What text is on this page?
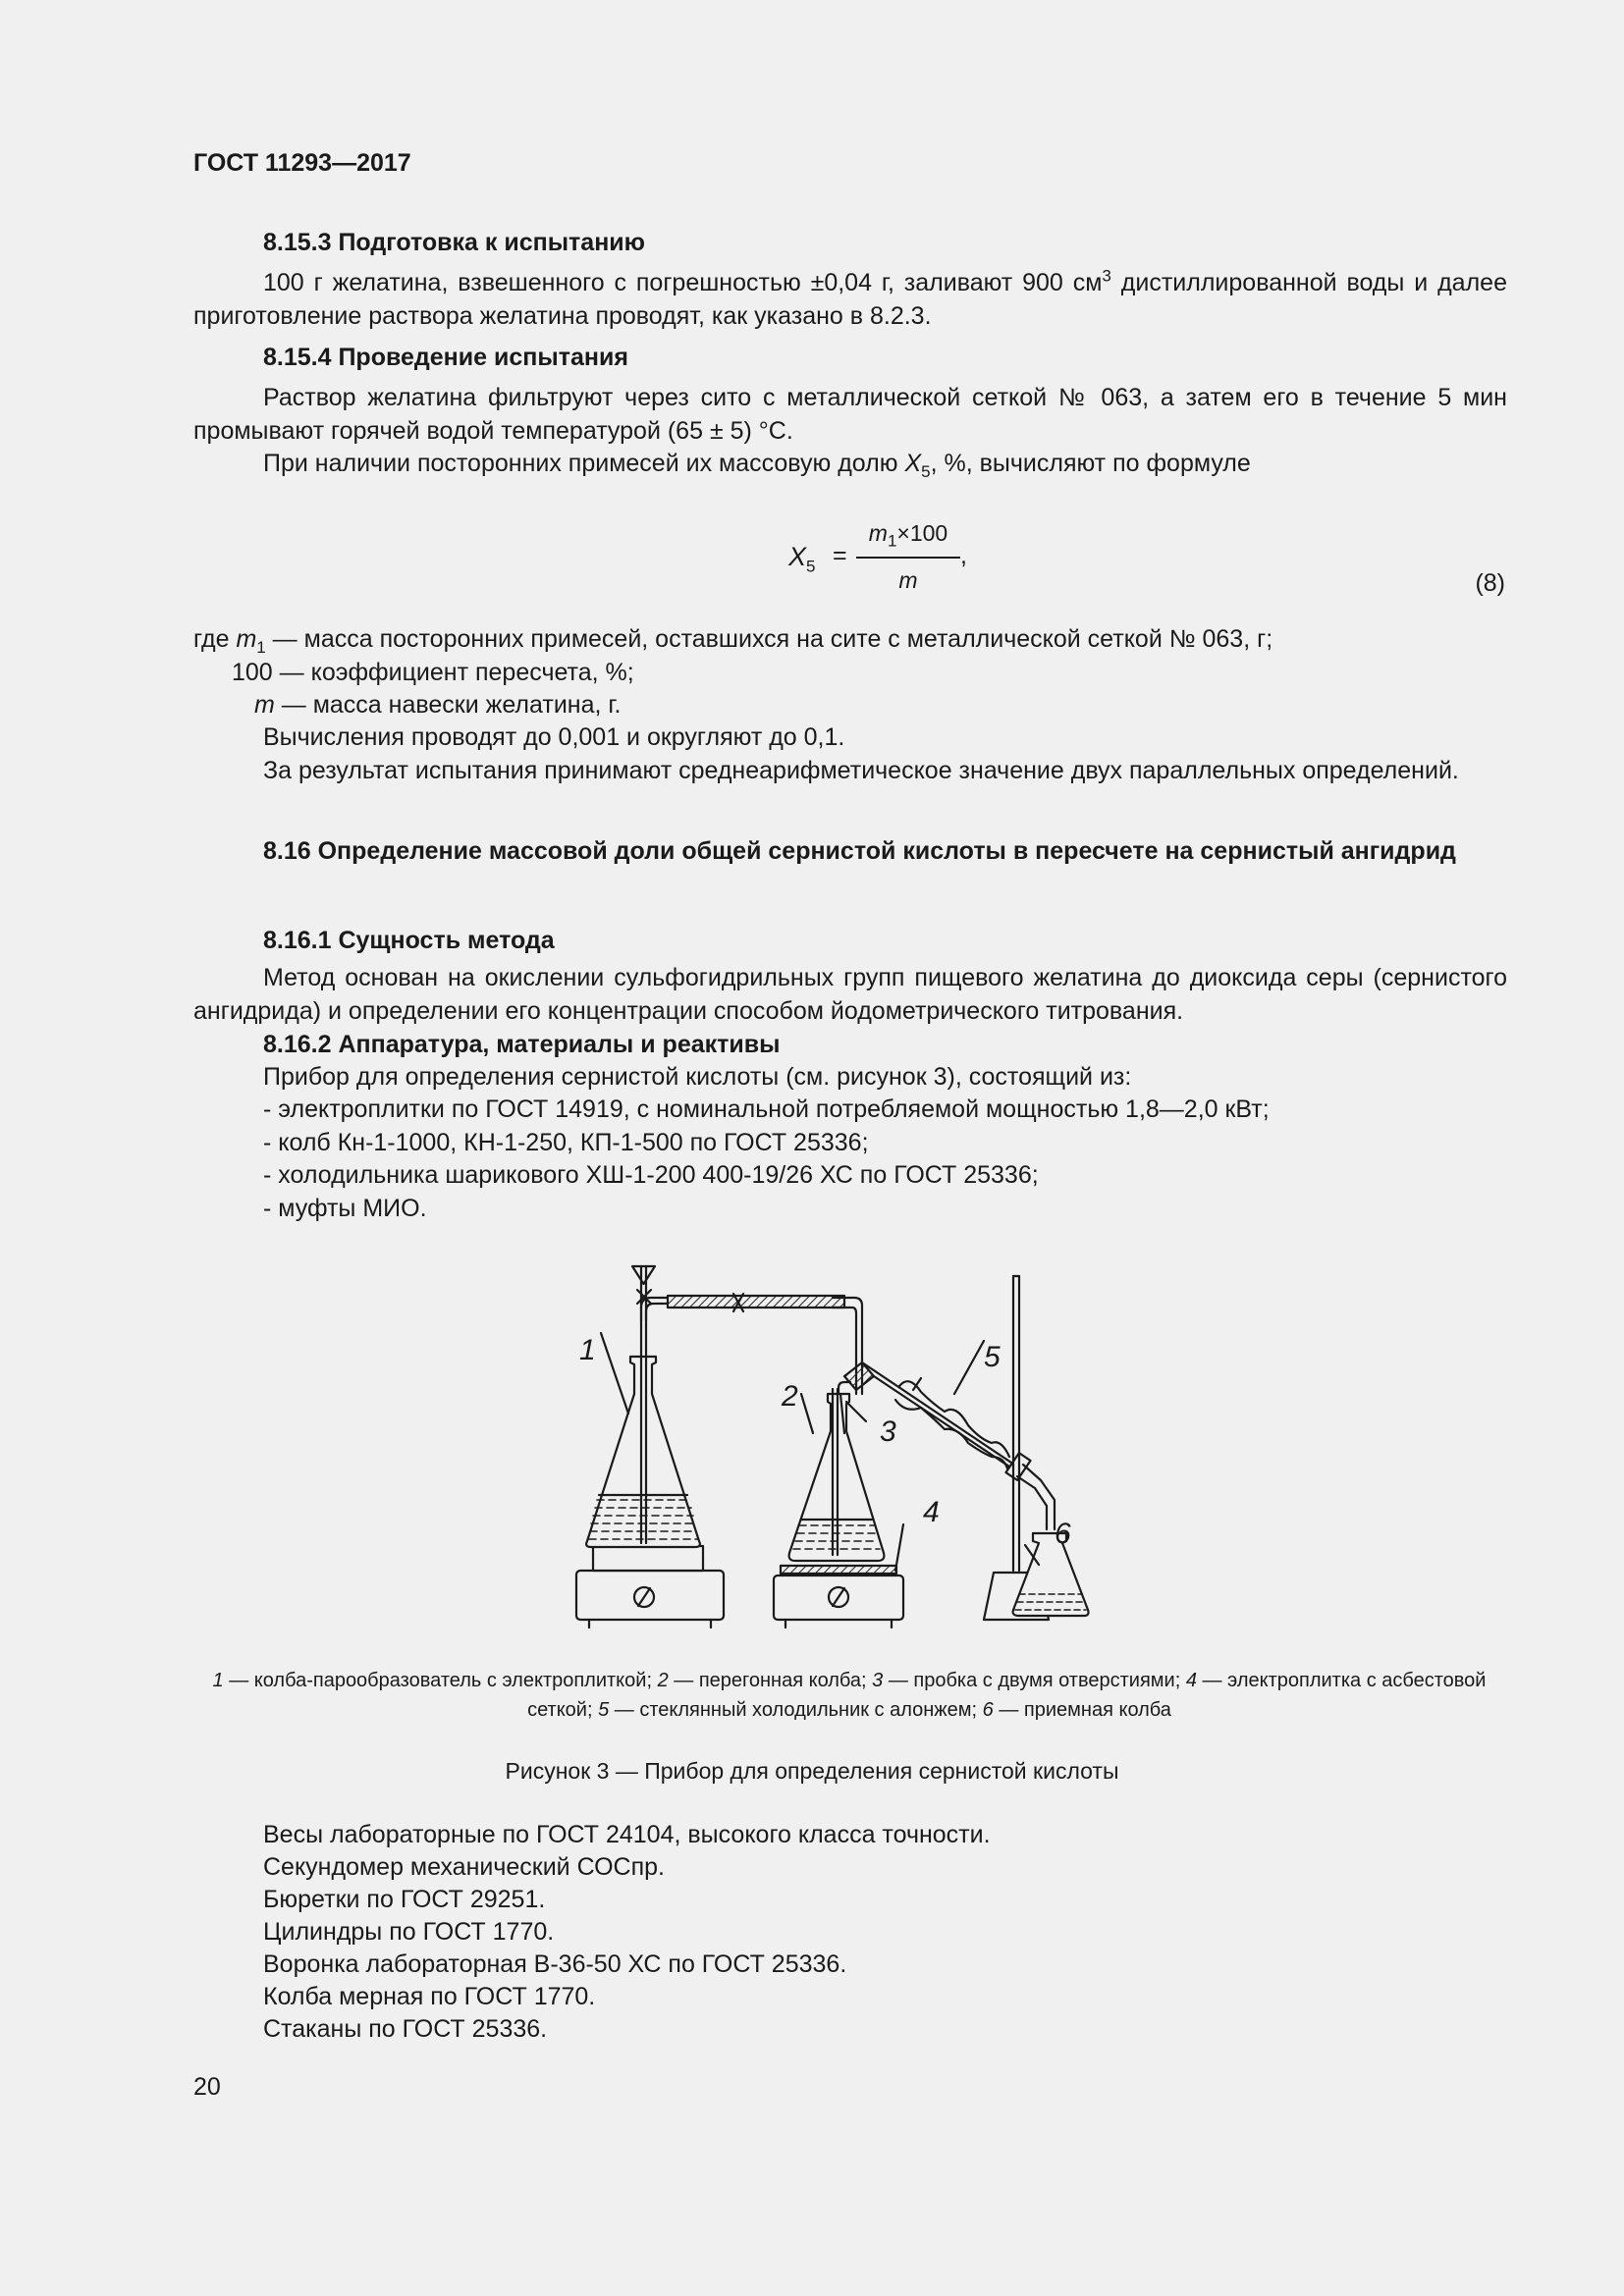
ГОСТ 11293—2017
8.15.3 Подготовка к испытанию
100 г желатина, взвешенного с погрешностью ±0,04 г, заливают 900 $см^3$ дистиллированной воды и далее приготовление раствора желатина проводят, как указано в 8.2.3.
8.15.4 Проведение испытания
Раствор желатина фильтруют через сито с металлической сеткой № 063, а затем его в течение 5 мин промывают горячей водой температурой (65 ± 5) °С.
При наличии посторонних примесей их массовую долю $X_5$, %, вычисляют по формуле
$X_5$ =
$m_1\times 100$
m
,
(8)
где $m_1$ — масса посторонних примесей, оставшихся на сите с металлической сеткой № 063, г;
100 — коэффициент пересчета, %;
m — масса навески желатина, г.
Вычисления проводят до 0,001 и округляют до 0,1.
За результат испытания принимают среднеарифметическое значение двух параллельных определений.
8.16 Определение массовой доли общей сернистой кислоты в пересчете на сернистый ангидрид
8.16.1 Сущность метода
Метод основан на окислении сульфогидрильных групп пищевого желатина до диоксида серы (сернистого ангидрида) и определении его концентрации способом йодометрического титрования.
8.16.2 Аппаратура, материалы и реактивы
Прибор для определения сернистой кислоты (см. рисунок 3), состоящий из:
- электроплитки по ГОСТ 14919, с номинальной потребляемой мощностью 1,8—2,0 кВт;
- колб Кн-1-1000, КН-1-250, КП-1-500 по ГОСТ 25336;
- холодильника шарикового ХШ-1-200 400-19/26 ХС по ГОСТ 25336;
- муфты МИО.
1
2
3
4
5
6
1 — колба-парообразователь с электроплиткой; 2 — перегонная колба; 3 — пробка с двумя отверстиями; 4 — электроплитка с асбестовой сеткой; 5 — стеклянный холодильник с алонжем; 6 — приемная колба
Рисунок 3 — Прибор для определения сернистой кислоты
Весы лабораторные по ГОСТ 24104, высокого класса точности.
Секундомер механический СОСпр.
Бюретки по ГОСТ 29251.
Цилиндры по ГОСТ 1770.
Воронка лабораторная В-36-50 ХС по ГОСТ 25336.
Колба мерная по ГОСТ 1770.
Стаканы по ГОСТ 25336.
20
